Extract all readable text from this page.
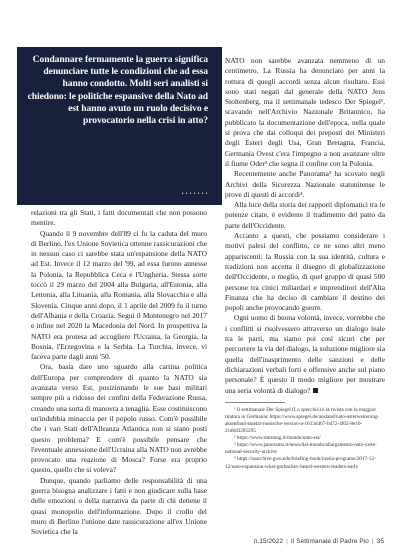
Condannare fermamente la guerra significa denunciare tutte le condizioni che ad essa hanno condotto. Molti seri analisti si chiedono: le politiche espansive della Nato ad est hanno avuto un ruolo decisivo e provocatorio nella crisi in atto?

• • • • • • •

relazioni tra gli Stati, i fatti documentati che non possono mentire.

Quando il 9 novembre dell'89 ci fu la caduta del muro di Berlino, l'ex Unione Sovietica ottenne rassicurazioni che in nessun caso ci sarebbe stata un'espansione della NATO ad Est. Invece il 12 marzo del '99, ad essa furono annesse la Polonia, la Repubblica Ceca e l'Ungheria. Stessa sorte toccò il 29 marzo del 2004 alla Bulgaria, all'Estonia, alla Lettonia, alla Lituania, alla Romania, alla Slovacchia e alla Slovenia. Cinque anni dopo, il 1 aprile del 2009 fu il turno dell'Albania e della Croazia. Segui il Montenegro nel 2017 e infine nel 2020 la Macedonia del Nord. In prospettiva la NATO era protesa ad accogliere l'Ucraina, la Georgia, la Bosnia, l'Erzegovina e la Serbia. La Turchia, invece, vi faceva parte dagli anni '50.

Ora, basta dare uno sguardo alla cartina politica dell'Europa per comprendere di quanto la NATO sia avanzata verso Est, posizionando le sue basi militari sempre più a ridosso dei confini della Federazione Russa, creando una sorta di manovra a tenaglia. Esse costituiscono un'indubbia minaccia per il popolo russo. Com'è possibile che i vari Stati dell'Alleanza Atlantica non si siano posti questo problema? E com'è possibile pensare che l'eventuale annessione dell'Ucraina alla NATO non avrebbe provocato una reazione di Mosca? Forse era proprio questo, quello che si voleva?

Dunque, quando parliamo delle responsabilità di una guerra bisogna analizzare i fatti e non giudicare sulla base delle emozioni o della narrativa da parte di chi detiene il quasi monopolio dell'informazione. Dopo il crollo del muro di Berlino l'unione date rassicurazione all'ex Unione Sovietica che la

NATO non sarebbe avanzata nemmeno di un centimetro. La Russia ha denunciato per anni la rottura di quegli accordi senza alcun risultato. Essi sono stati negati dal generale della NATO Jens Stoltenberg, ma il settimanale tedesco Der Spiegel¹, scavando nell'Archivio Nazionale Britannico, ha pubblicato la documentazione dell'epoca, nella quale si prova che dai colloqui dei preposti dei Ministeri degli Esteri degli Usa, Gran Bretagna, Francia, Germania Ovest c'era l'impegno a non avanzare oltre il fiume Oder² che segna il confine con la Polonia.

Recentemente anche Panorama³ ha scovato negli Archivi della Sicurezza Nazionale statunitense le prove di questi di accordi⁴.

Alla luce della storia dei rapporti diplomatici tra le potenze citate, è evidente il tradimento del patto da parte dell'Occidente.

Accanto a questi, che possiamo considerare i motivi palesi del conflitto, ce ne sono altri meno appariscenti: la Russia con la sua identità, cultura e tradizioni non accetta il disegno di globalizzazione dell'Occidente, o meglio, di quel gruppo di quasi 500 persone tra cinici miliardari e imprenditori dell'Alta Finanza che ha deciso di cambiare il destino dei popoli anche provocando guerre.

Ogni uomo di buona volontà, invece, vorrebbe che i conflitti si risolvessero attraverso un dialogo leale tra le parti, ma siamo poi così sicuri che per percorrere la via del dialogo, la soluzione migliore sia quella dell'inasprimento delle sanzioni e delle dichiarazioni verbali forti e offensive anche sul piano personale? È questo il modo migliore per mostrare una seria volontà di dialogo?

¹ Il settimanale Der Spiegel (Lo specchio) è la rivista con la maggior tiratura in Germania: https://www.spiegel.de/ausland/nato-osterweiterung-aktenfund-stuetzt-russische-version-a-1613d467-bd72-4f02-8e16-2cd6d3285295

² https://www.startmag.it/mondo/nato-est/

³ https://www.panorama.it/news/dal-mondo/allargamento-nato-carte-national-security-archive

⁴ https://nsarchive.gwu.edu/briefing-book/russia-programs/2017-12-12/nato-expansion-what-gorbachev-heard-western-leaders-early

n.15/2022 | Il Settimanale di Padre Pio | 35
